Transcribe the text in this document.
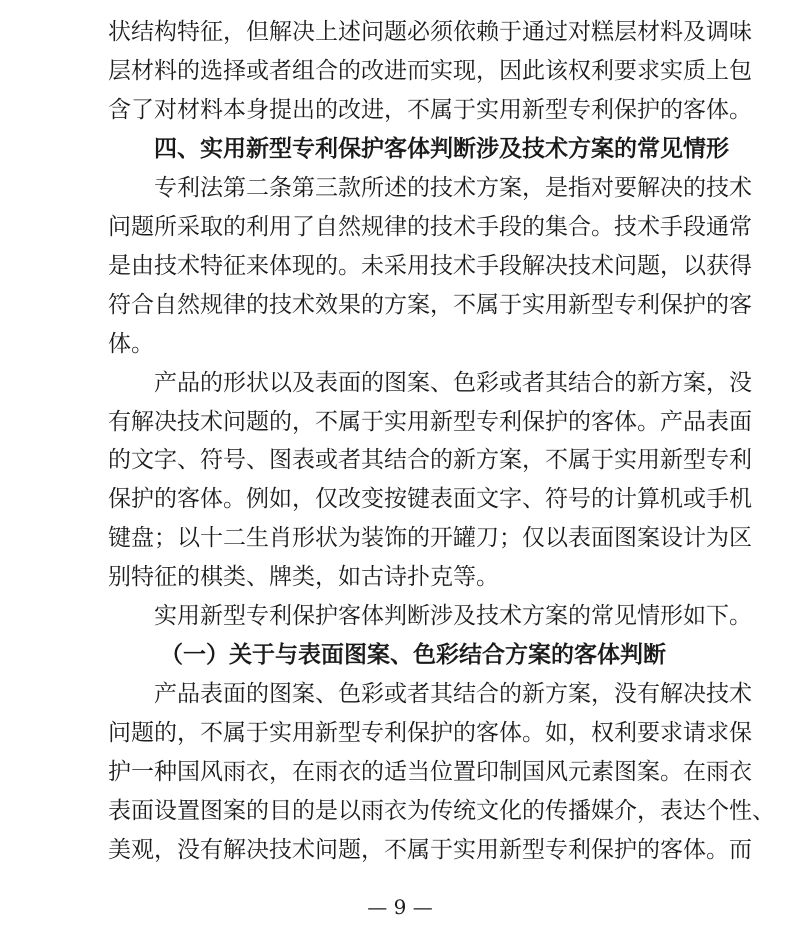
状结构特征，但解决上述问题必须依赖于通过对糕层材料及调味
层材料的选择或者组合的改进而实现，因此该权利要求实质上包
含了对材料本身提出的改进，不属于实用新型专利保护的客体。
四、实用新型专利保护客体判断涉及技术方案的常见情形
专利法第二条第三款所述的技术方案，是指对要解决的技术
问题所采取的利用了自然规律的技术手段的集合。技术手段通常
是由技术特征来体现的。未采用技术手段解决技术问题，以获得
符合自然规律的技术效果的方案，不属于实用新型专利保护的客
体。
产品的形状以及表面的图案、色彩或者其结合的新方案，没
有解决技术问题的，不属于实用新型专利保护的客体。产品表面
的文字、符号、图表或者其结合的新方案，不属于实用新型专利
保护的客体。例如，仅改变按键表面文字、符号的计算机或手机
键盘；以十二生肖形状为装饰的开罐刀；仅以表面图案设计为区
别特征的棋类、牌类，如古诗扑克等。
实用新型专利保护客体判断涉及技术方案的常见情形如下。
（一）关于与表面图案、色彩结合方案的客体判断
产品表面的图案、色彩或者其结合的新方案，没有解决技术
— 9 —
问题的，不属于实用新型专利保护的客体。如，权利要求请求保
护一种国风雨衣，在雨衣的适当位置印制国风元素图案。在雨衣
表面设置图案的目的是以雨衣为传统文化的传播媒介，表达个性、
美观，没有解决技术问题，不属于实用新型专利保护的客体。而
